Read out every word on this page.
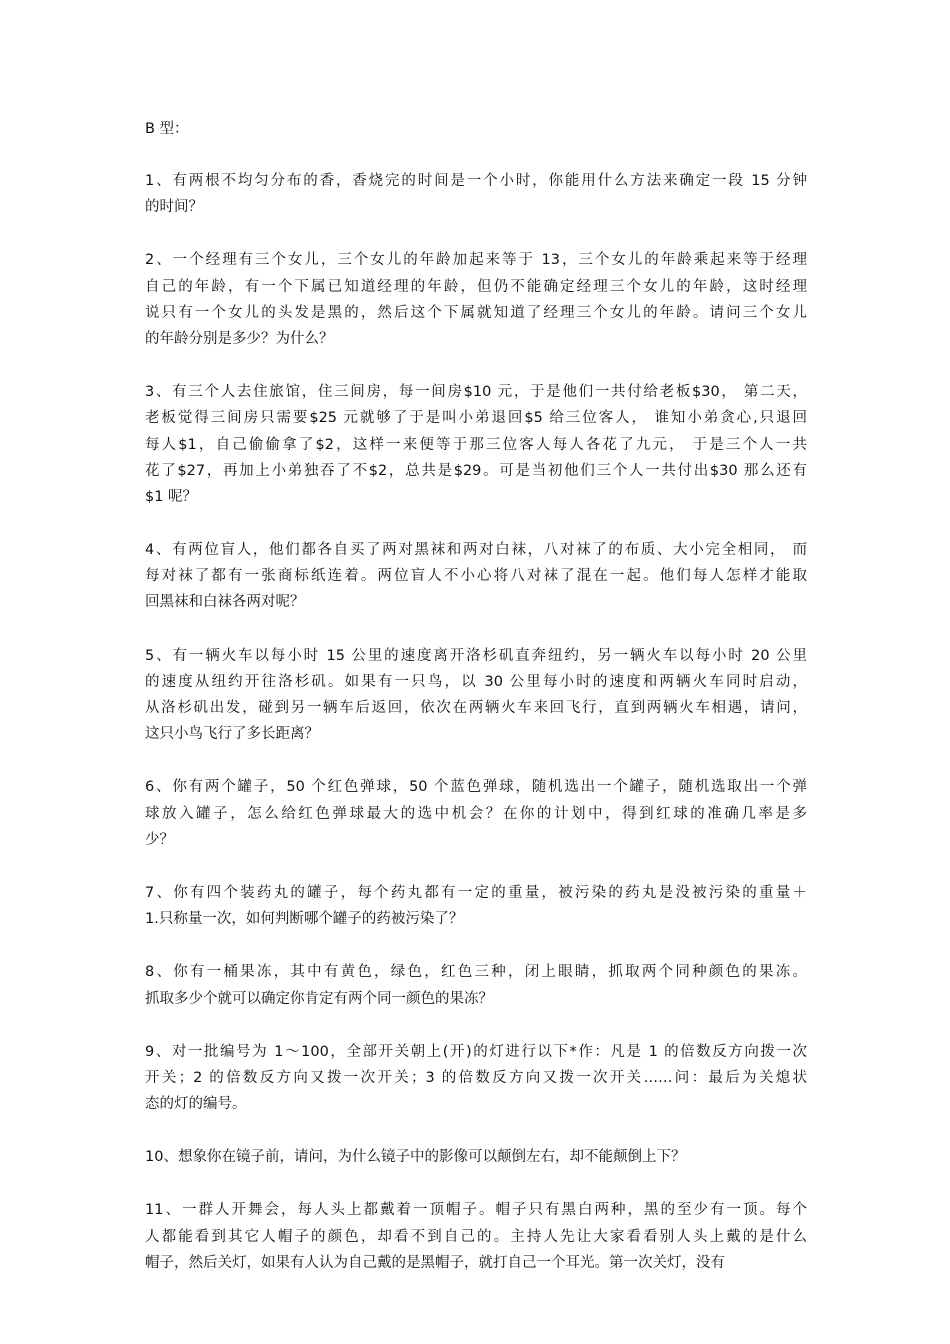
B 型：
1、有两根不均匀分布的香，香烧完的时间是一个小时，你能用什么方法来确定一段 15 分钟
的时间？
2、一个经理有三个女儿，三个女儿的年龄加起来等于 13，三个女儿的年龄乘起来等于经理
自己的年龄，有一个下属已知道经理的年龄，但仍不能确定经理三个女儿的年龄，这时经理
说只有一个女儿的头发是黑的，然后这个下属就知道了经理三个女儿的年龄。请问三个女儿
的年龄分别是多少？为什么？
3、有三个人去住旅馆，住三间房，每一间房$10 元，于是他们一共付给老板$30， 第二天，
老板觉得三间房只需要$25 元就够了于是叫小弟退回$5 给三位客人， 谁知小弟贪心,只退回
每人$1，自己偷偷拿了$2，这样一来便等于那三位客人每人各花了九元， 于是三个人一共
花了$27，再加上小弟独吞了不$2，总共是$29。可是当初他们三个人一共付出$30 那么还有
$1 呢？
4、有两位盲人，他们都各自买了两对黑袜和两对白袜，八对袜了的布质、大小完全相同， 而
每对袜了都有一张商标纸连着。两位盲人不小心将八对袜了混在一起。他们每人怎样才能取
回黑袜和白袜各两对呢？
5、有一辆火车以每小时 15 公里的速度离开洛杉矶直奔纽约，另一辆火车以每小时 20 公里
的速度从纽约开往洛杉矶。如果有一只鸟，以 30 公里每小时的速度和两辆火车同时启动，
从洛杉矶出发，碰到另一辆车后返回，依次在两辆火车来回飞行，直到两辆火车相遇，请问，
这只小鸟飞行了多长距离？
6、你有两个罐子，50 个红色弹球，50 个蓝色弹球，随机选出一个罐子，随机选取出一个弹
球放入罐子，怎么给红色弹球最大的选中机会？在你的计划中，得到红球的准确几率是多
少？
7、你有四个装药丸的罐子，每个药丸都有一定的重量，被污染的药丸是没被污染的重量＋
1.只称量一次，如何判断哪个罐子的药被污染了？
8、你有一桶果冻，其中有黄色，绿色，红色三种，闭上眼睛，抓取两个同种颜色的果冻。
抓取多少个就可以确定你肯定有两个同一颜色的果冻？
9、对一批编号为 1～100，全部开关朝上(开)的灯进行以下*作：凡是 1 的倍数反方向拨一次
开关；2 的倍数反方向又拨一次开关；3 的倍数反方向又拨一次开关……问：最后为关熄状
态的灯的编号。
10、想象你在镜子前，请问，为什么镜子中的影像可以颠倒左右，却不能颠倒上下？
11、一群人开舞会，每人头上都戴着一顶帽子。帽子只有黑白两种，黑的至少有一顶。每个
人都能看到其它人帽子的颜色，却看不到自己的。主持人先让大家看看别人头上戴的是什么
帽子，然后关灯，如果有人认为自己戴的是黑帽子，就打自己一个耳光。第一次关灯，没有
